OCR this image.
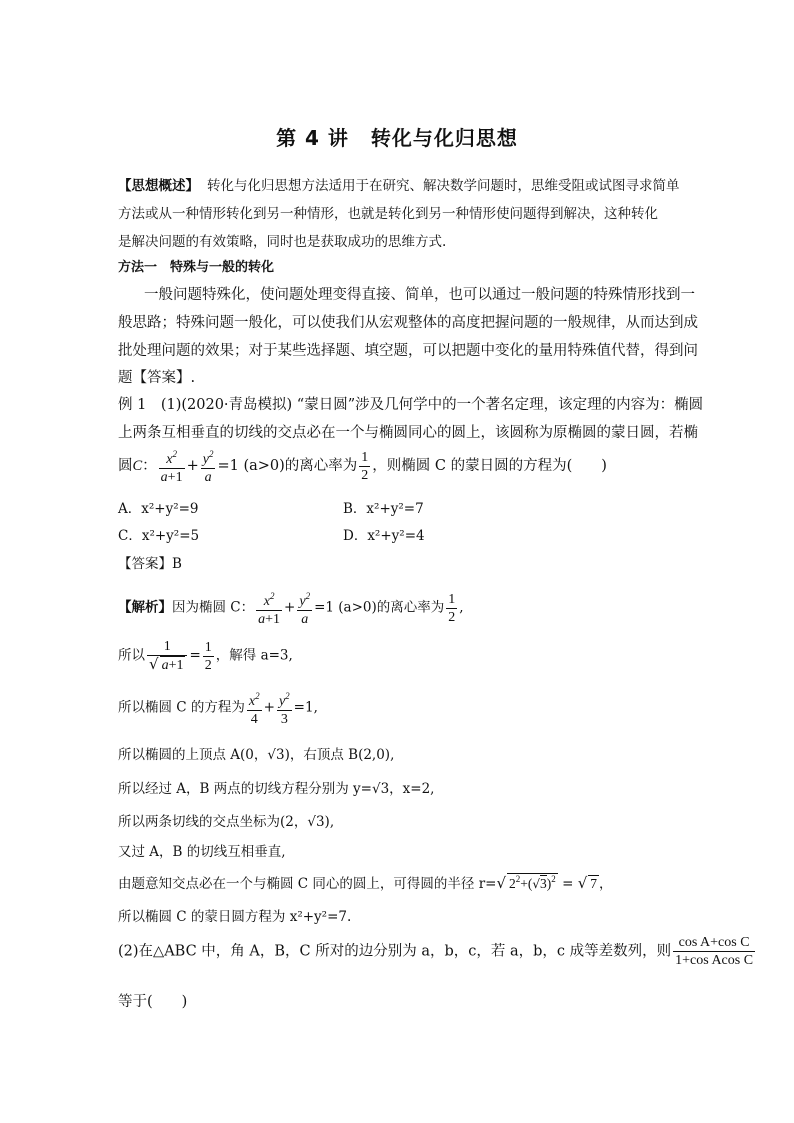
第 4 讲 转化与化归思想
【思想概述】 转化与化归思想方法适用于在研究、解决数学问题时，思维受阻或试图寻求简单
方法或从一种情形转化到另一种情形，也就是转化到另一种情形使问题得到解决，这种转化
是解决问题的有效策略，同时也是获取成功的思维方式.
方法一　特殊与一般的转化
一般问题特殊化，使问题处理变得直接、简单，也可以通过一般问题的特殊情形找到一
般思路；特殊问题一般化，可以使我们从宏观整体的高度把握问题的一般规律，从而达到成
批处理问题的效果；对于某些选择题、填空题，可以把题中变化的量用特殊值代替，得到问
题【答案】.
例 1　(1)(2020·青岛模拟) “蒙日圆”涉及几何学中的一个著名定理，该定理的内容为：椭圆
上两条互相垂直的切线的交点必在一个与椭圆同心的圆上，该圆称为原椭圆的蒙日圆，若椭
圆C： $\frac{x^2}{a+1} + \frac{y^2}{a} =1$ (a>0)的离心率为 $\frac{1}{2}$ ，则椭圆 C 的蒙日圆的方程为(　　)
A．x²+y²=9	B．x²+y²=7
C．x²+y²=5	D．x²+y²=4
【答案】B
【解析】因为椭圆 C： $\frac{x^2}{a+1} + \frac{y^2}{a} =1$ (a>0)的离心率为 $\frac{1}{2}$ ,
所以 $\frac{1}{√ a+1} = \frac{1}{2}$ ，解得 a=3,
所以椭圆 C 的方程为 $\frac{x^2}{4} + \frac{y^2}{3} =1$,
所以椭圆的上顶点 A(0，√3)，右顶点 B(2,0),
所以经过 A，B 两点的切线方程分别为 y=√3，x=2,
所以两条切线的交点坐标为(2，√3),
又过 A，B 的切线互相垂直,
由题意知交点必在一个与椭圆 C 同心的圆上，可得圆的半径 r=√ $2^2+(√3)^2$ = √ 7 ，
所以椭圆 C 的蒙日圆方程为 x²+y²=7.
(2)在△ABC 中，角 A，B，C 所对的边分别为 a，b，c，若 a，b，c 成等差数列，则 $\frac{\text{cos A+cos C}}{\text{1+cos Acos C}}$
等于(　　)
